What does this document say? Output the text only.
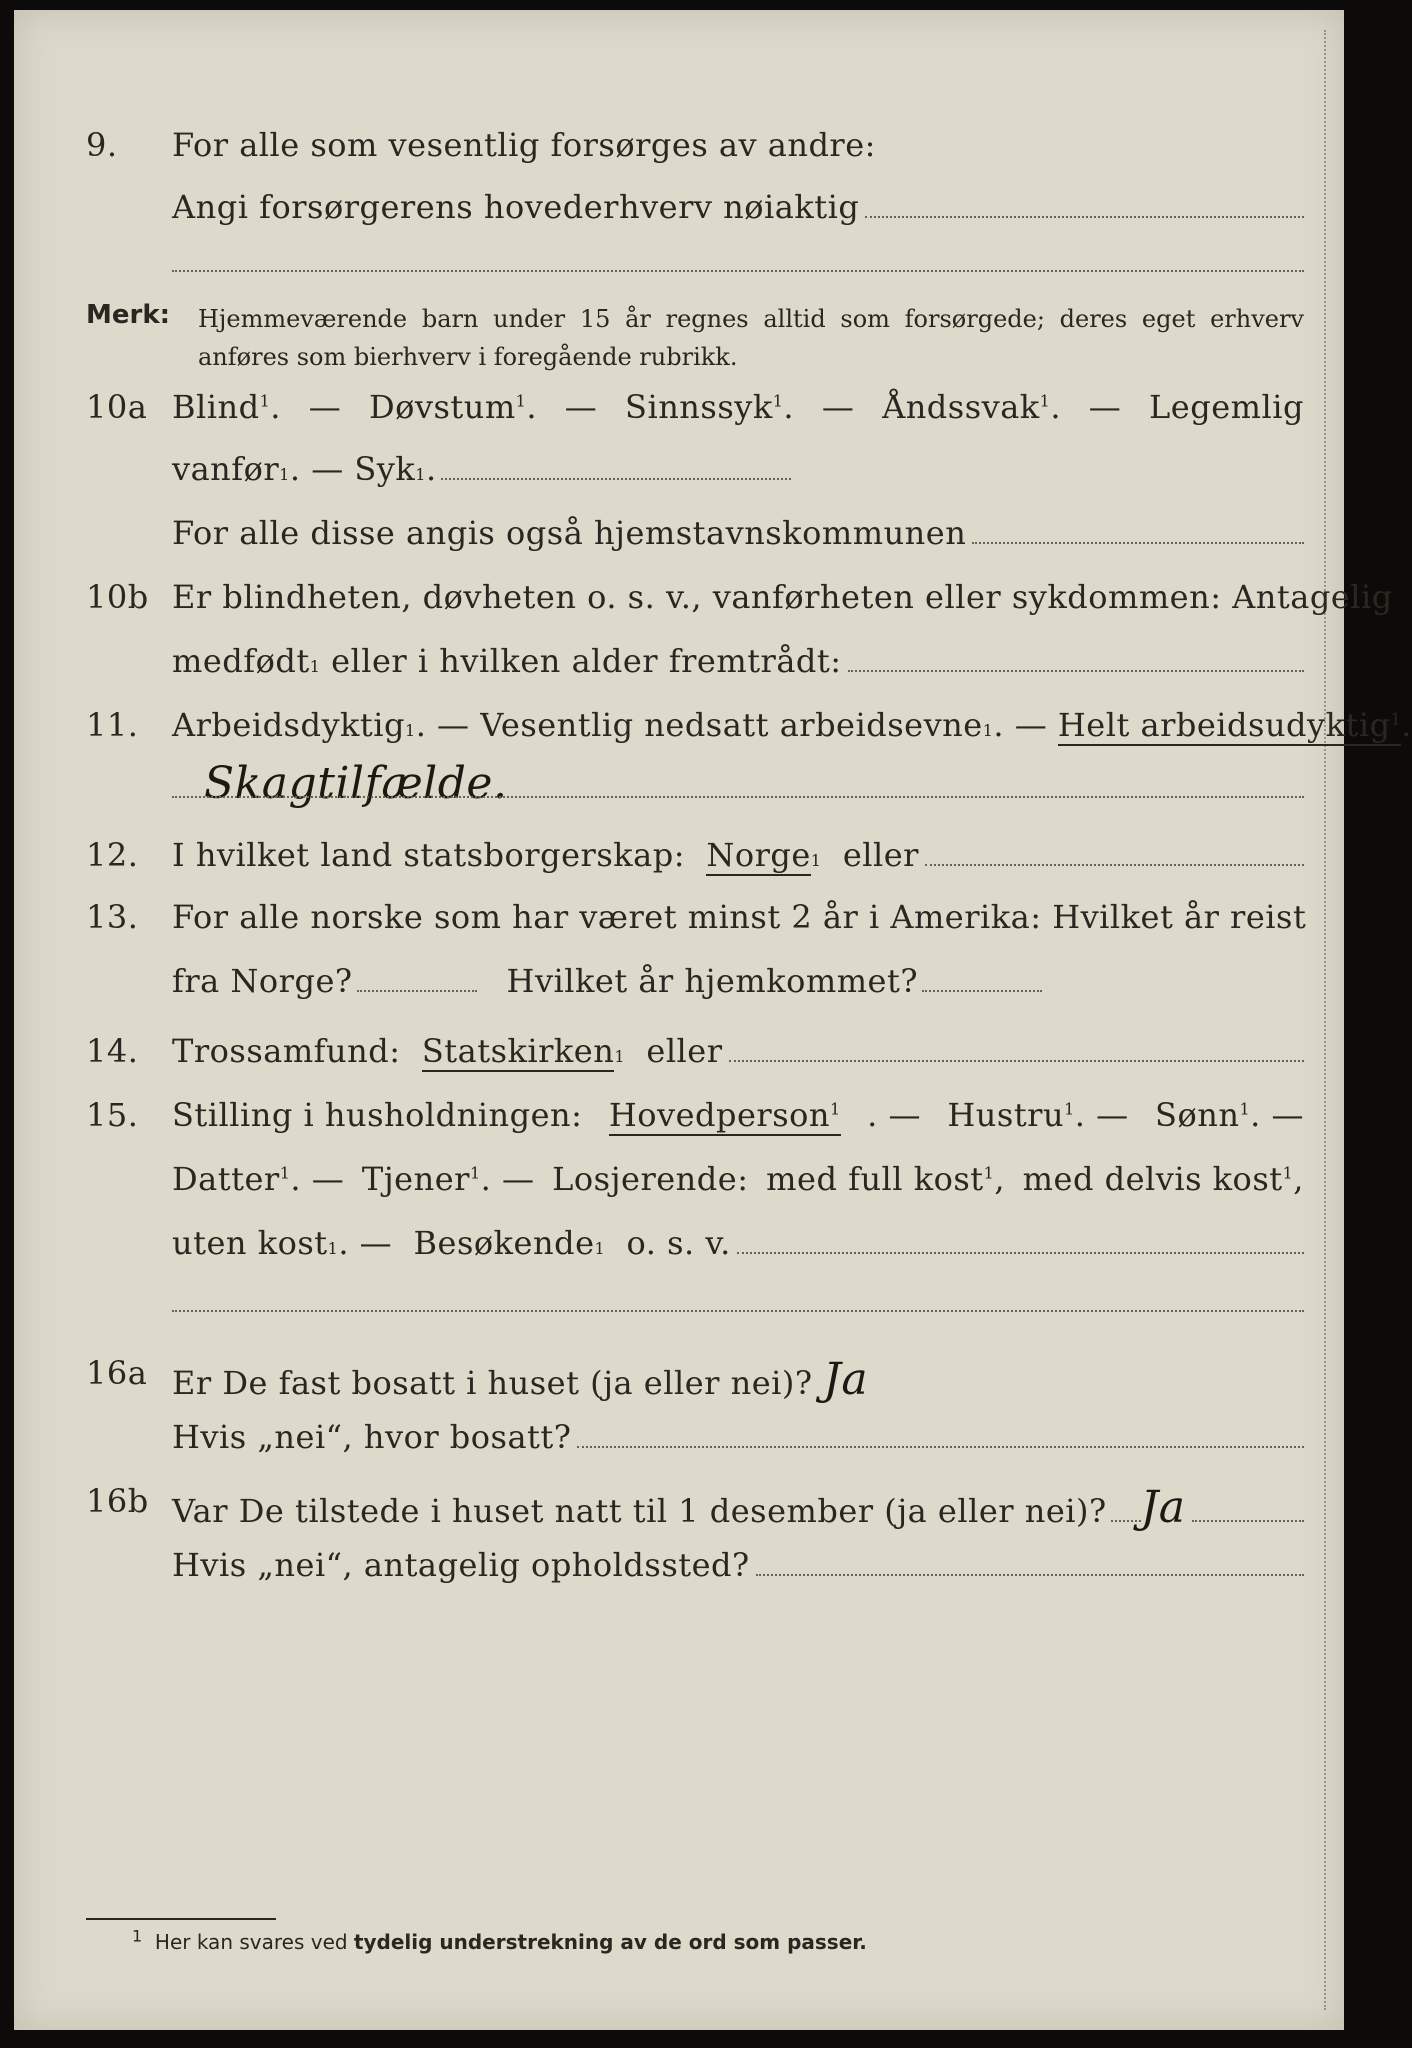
9. For alle som vesentlig forsørges av andre:
Angi forsørgerens hovederhverv nøiaktig
Merk: Hjemmeværende barn under 15 år regnes alltid som forsørgede; deres eget erhverv anføres som bierhverv i foregående rubrikk.
10a Blind$^1$. — Døvstum$^1$. — Sinnssyk$^1$. — Åndssvak$^1$. — Legemlig
vanfør 1 .
—
Syk 1 .
For alle disse angis også hjemstavnskommunen
10b Er blindheten, døvheten o. s. v., vanførheten eller sykdommen: Antagelig
medfødt 1
eller i hvilken alder fremtrådt:
11. Arbeidsdyktig 1 . — Vesentlig nedsatt arbeidsevne 1 . — Helt arbeidsudyktig$^1$ .
Skagtilfælde.
12. I hvilket land statsborgerskap:
Norge 1
eller
13. For alle norske som har været minst 2 år i Amerika: Hvilket år reist
fra Norge?	Hvilket år hjemkommet?
14. Trossamfund:
Statskirken 1
eller
15. Stilling i husholdningen: Hovedperson$^1$ . — Hustru$^1$. — Sønn$^1$. —
Datter$^1$. — Tjener$^1$. — Losjerende: med full kost$^1$, med delvis kost$^1$,
uten kost 1 . — Besøkende 1
o. s. v.
16a Er De fast bosatt i huset (ja eller nei)?
Ja
Hvis „nei“, hvor bosatt?
16b Var De tilstede i huset natt til 1 desember (ja eller nei)? Ja
Hvis „nei“, antagelig opholdssted?
$^1$ Her kan svares ved tydelig understrekning av de ord som passer.
